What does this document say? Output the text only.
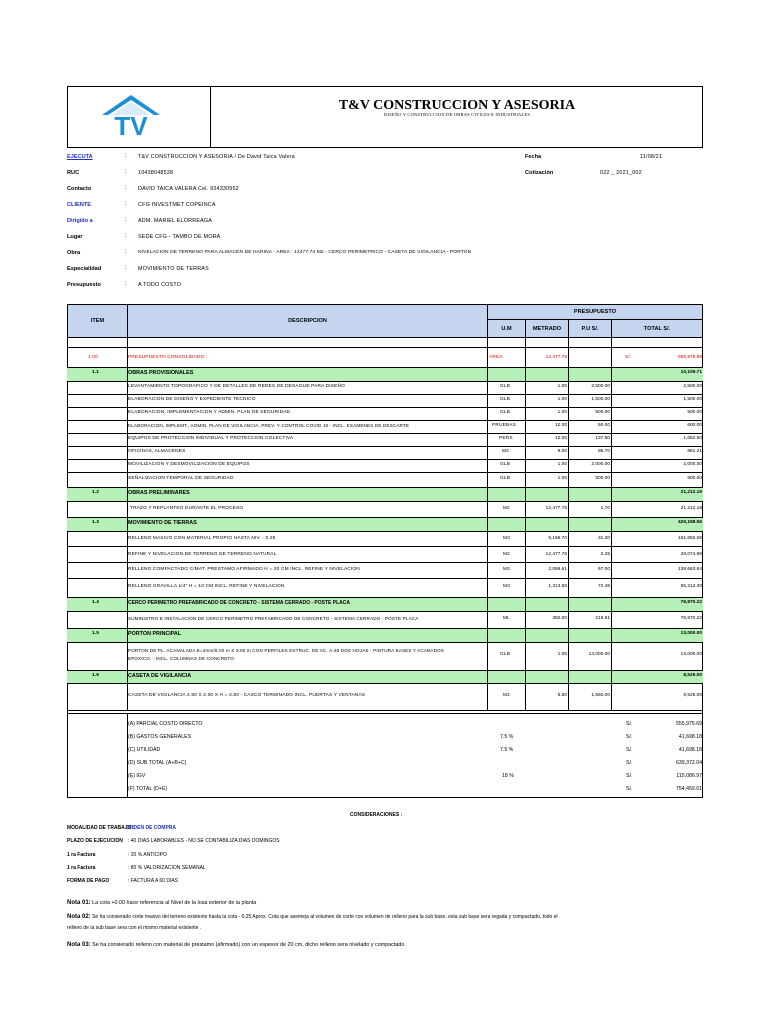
TV
T&V CONSTRUCCION Y ASESORIA
DISEÑO Y CONSTRUCCION DE OBRAS CIVILES E INDUSTRIALES
EJECUTA	: T&V CONSTRUCCION Y ASESORIA / De David Taica Valera
RUC	: 10438048538
Contacto	: DAVID TAICA VALERA Cel. 934330952
CLIENTE	: CFG INVESTMET COPEINCA
Dirigido a	: ADM. MARIEL ELORREAGA
Lugar	: SEDE CFG - TAMBO DE MORA
Obra	: NIVELACION DE TERRENO PARA ALMACEN DE HARINA - AREA : 12477.74 M2 - CERCO PERIMETRICO - CASETA DE VIGILANCIA - PORTON
Especialidad	: MOVIMIENTO DE TERRAS
Presupuesto	: A TODO COSTO
Fecha	11/08/21
Cotización	022 _ 2021_002
ITEM	DESCRIPCION
PRESUPUESTO
U.M	METRADO	P.U S/.	TOTAL S/.
1.00	PRESUPUESTO CONSOLIDADO :	AREA	12,477.76	S/.	555,975.69
1.1	OBRAS PROVISIONALES	10,109.71
LEVANTAMIENTO TOPOGRAFICO Y DE DETALLES DE REDES DE DESAGUE PARA DISEÑO	GLB	1.00	2,500.00	2,500.00
ELABORACION DE DISEÑO Y EXPEDIENTE TECNICO	GLB	1.00	1,500.00	1,500.00
ELABORACION, IMPLEMENTACION Y ADMIN. PLAN DE SEGURIDAD	GLB	1.00	500.00	500.00
ELABORACION, IMPLEMT., ADMIN. PLAN DE VIGILANCIA, PREV. Y CONTROL COVID 19 - INCL. EXAMENES DE DESCARTE	PRUEBAS	12.00	50.00	600.00
EQUIPOS DE PROTECCION INDIVIDUAL Y PROTECCION COLECTIVA	PERS	12.00	137.50	1,652.50
OFICINAS, ALMACENES	M2	9.00	95.70	861.21
MOVILIZACION Y DESMOVILIZACION DE EQUIPOS	GLB	1.00	2,000.00	2,000.00
SEÑALIZACION TEMPORAL DE SEGURIDAD	GLB	1.00	500.00	500.00
1.2	OBRAS PRELIMINARES	21,212.19
TRAZO Y REPLANTEO DURANTE EL PROCESO	M2	12,477.76	1.70	21,212.19
1.3	MOVIMIENTO DE TIERRAS	426,158.56
RELLENO MASIVO CON MATERIAL PROPIO HASTA NIV. - 0.25	M3	5,166.70	31.30	161,650.06
REFINE Y NIVELACION DE TERRENO DE TERRENO NATURAL	M2	12,477.76	2.25	28,074.96
RELLENO COMPACTADO C/MAT. PRESTAMO AFIRMADO H = 20 CM INCL. REFINE Y NIVELACION	M3	2,069.61	67.00	138,663.84
RELLENO GRAVILLA 1/4" H = 10 CM INCL. REFINE Y NIVELACION	M3	1,313.55	72.48	95,212.30
1.4	CERCO PERIMETRO PREFABRICADO DE CONCRETO - SISTEMA CERRADO - POSTE PLACA	76,970.22
SUMINISTRO E INSTALACION DE CERCO PERIMETRO PREFABRICADO DE CONCRETO - SISTEMA CERRADO - POSTE PLACA	ML	350.00	219.91	76,970.22
1.5	PORTON PRINCIPAL	13,000.00
PORTON DE PL. ACANALADA E=2mm/6.00 m X 3.00 m CON PERFILES ESTRUC. DE AC. A-36 DOS HOJAS - PINTURA BASES Y ACABADOS
EPOXICO. - INCL. COLUMNAS DE CONCRETO
GLB	1.00	13,000.00	13,000.00
1.6	CASETA DE VIGILANCIA	8,525.00
CASETA DE VIGILANCIA 2.50 X 2.00 X H = 2.50 - CASCO TERMINADO INCL. PUERTAS Y VENTANAS	M2	5.50	1,550.00	8,525.00
(A) PARCIAL COSTO DIRECTO	S/.	555,975.69
(B) GASTOS GENERALES	7.5 %	S/.	41,698.18
(C) UTILIDAD	7.5 %	S/.	41,698.18
(D) SUB TOTAL (A+B+C)	S/.	639,372.04
(E) IGV	18 %	S/.	115,086.97
(F) TOTAL (D+E)	S/.	754,459.01
CONSIDERACIONES :
MODALIDAD DE TRABAJO :
ORDEN DE COMPRA
PLAZO DE EJECUCION : 40 DIAS LABORABLES - NO SE CONTABILIZA DIAS DOMINGOS
1 ra Factura	: 20 % ANTICIPO
1 ra Factura	: 80 % VALORIZACION SEMANAL
FORMA DE PAGO	: FACTURA A 60 DIAS
Nota 01: La cota +0.00 hace referencia al Nivel de la losa exterior de la planta
Nota 02: Se ha consierado corte masivo del terreno existente hasta la cota - 0.25 Aprox. Cota que asemeja al volumen de corte con volumen de relleno para la sub base, esta sub base sera regada y compactado, todo el
relleno de la sub base sera con el mismo material existente .
Nota 03: Se ha consierado relleno con material de prestamo (afirmado) con un espesor de 20 cm, dicho relleno sera nivelado y compactado.
